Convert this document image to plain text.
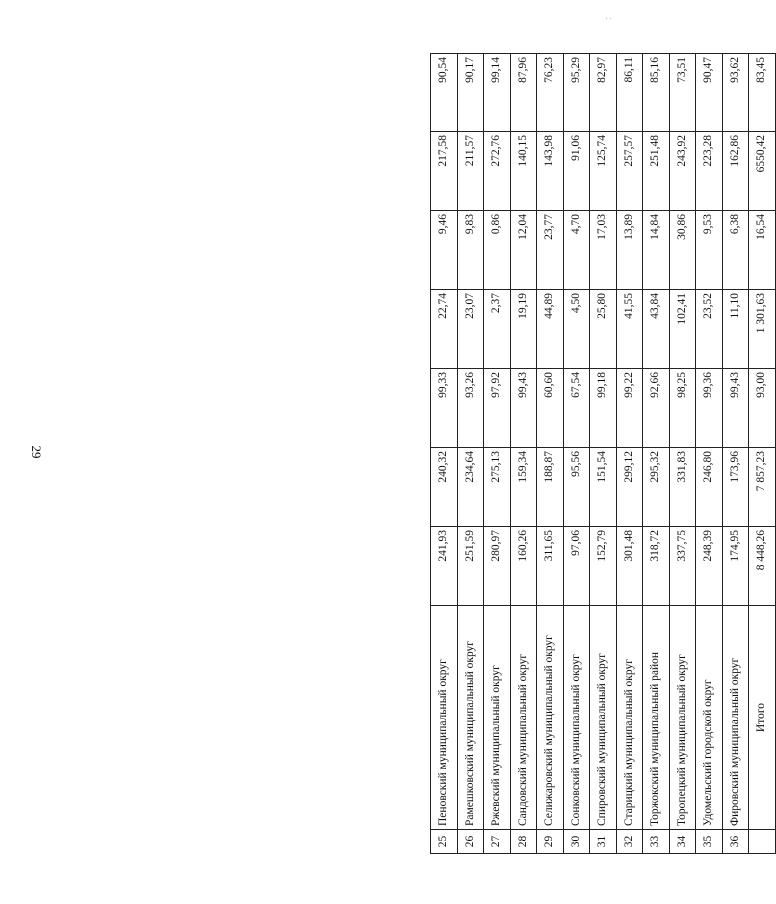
29
25	Пеновский муниципальный округ	241,93	240,32	99,33	22,74	9,46	217,58	90,54
26	Рамешковский муниципальный округ	251,59	234,64	93,26	23,07	9,83	211,57	90,17
27	Ржевский муниципальный округ	280,97	275,13	97,92	2,37	0,86	272,76	99,14
28	Сандовский муниципальный округ	160,26	159,34	99,43	19,19	12,04	140,15	87,96
29	Селижаровский муниципальный округ	311,65	188,87	60,60	44,89	23,77	143,98	76,23
30	Сонковский муниципальный округ	97,06	95,56	67,54	4,50	4,70	91,06	95,29
31	Спировский муниципальный округ	152,79	151,54	99,18	25,80	17,03	125,74	82,97
32	Старицкий муниципальный округ	301,48	299,12	99,22	41,55	13,89	257,57	86,11
33	Торжокский муниципальный район	318,72	295,32	92,66	43,84	14,84	251,48	85,16
34	Торопецкий муниципальный округ	337,75	331,83	98,25	102,41	30,86	243,92	73,51
35	Удомельский городской округ	248,39	246,80	99,36	23,52	9,53	223,28	90,47
36	Фировский муниципальный округ	174,95	173,96	99,43	11,10	6,38	162,86	93,62
	Итого	8 448,26	7 857,23	93,00	1 301,63	16,54	6550,42	83,45
